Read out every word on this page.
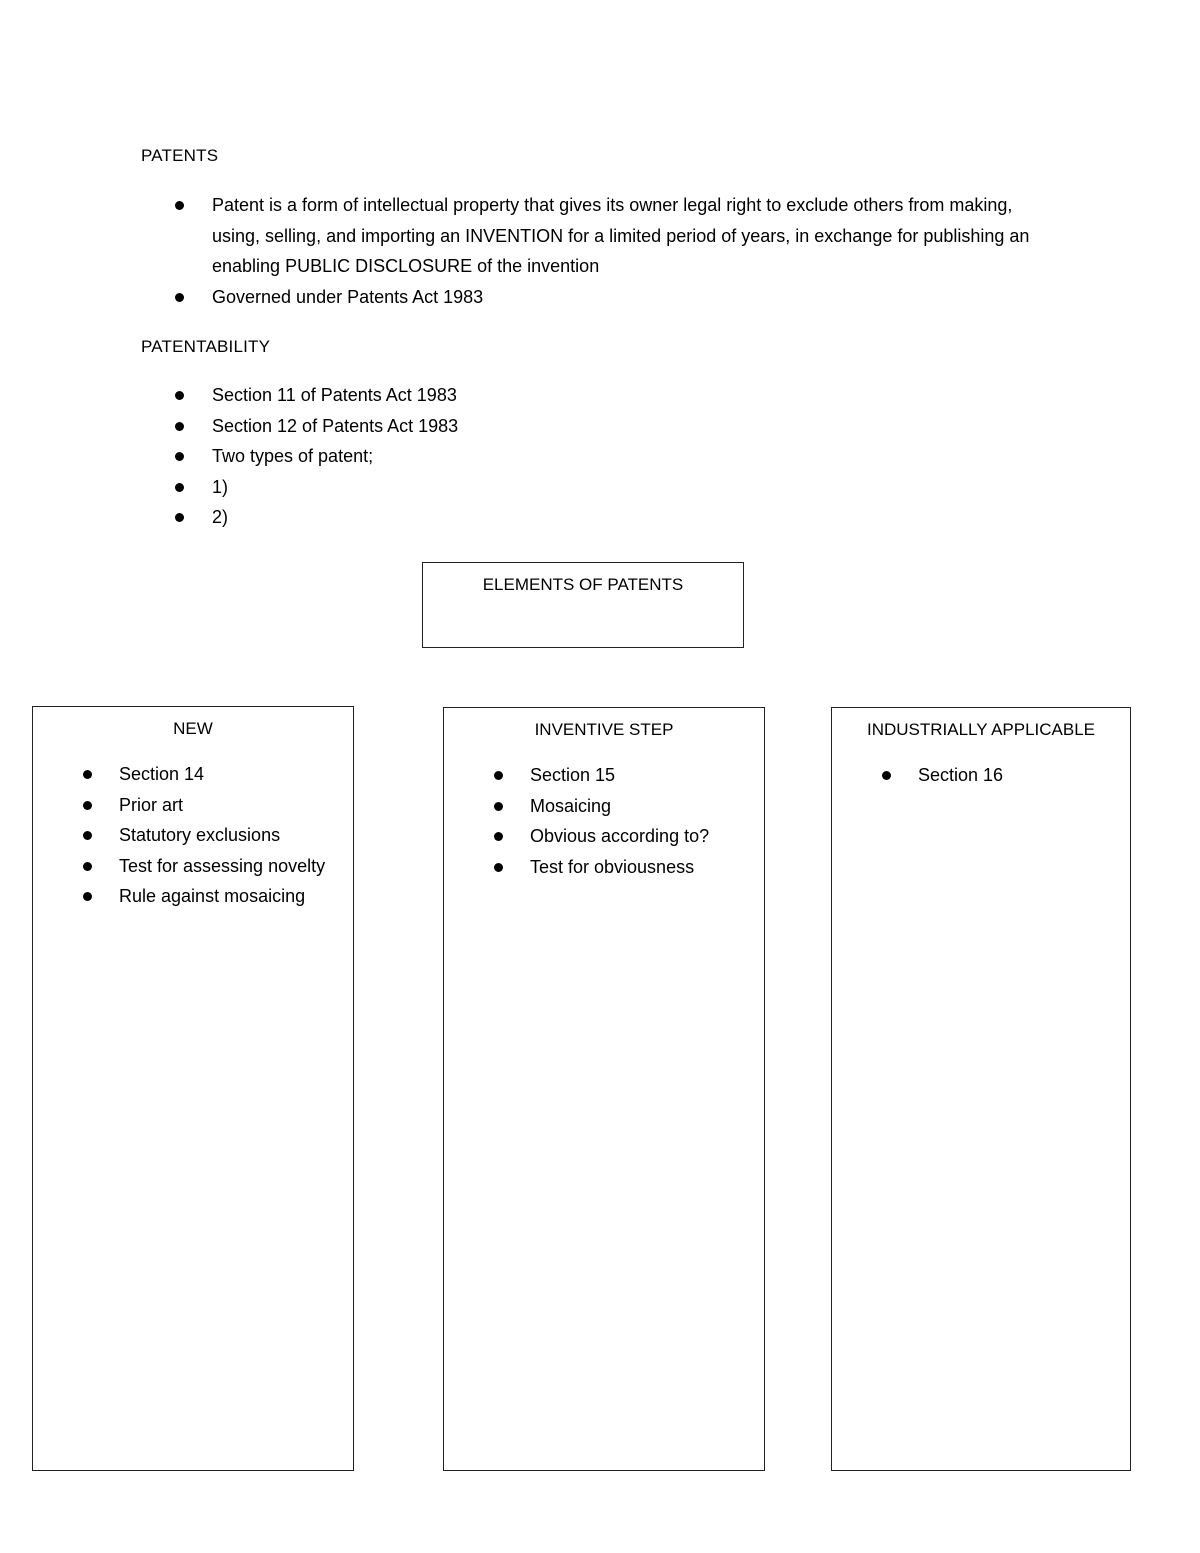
PATENTS
Patent is a form of intellectual property that gives its owner legal right to exclude others from making, using, selling, and importing an INVENTION for a limited period of years, in exchange for publishing an enabling PUBLIC DISCLOSURE of the invention
Governed under Patents Act 1983
PATENTABILITY
Section 11 of Patents Act 1983
Section 12 of Patents Act 1983
Two types of patent;
1)
2)
ELEMENTS OF PATENTS
NEW
Section 14
Prior art
Statutory exclusions
Test for assessing novelty
Rule against mosaicing
INVENTIVE STEP
Section 15
Mosaicing
Obvious according to?
Test for obviousness
INDUSTRIALLY APPLICABLE
Section 16
